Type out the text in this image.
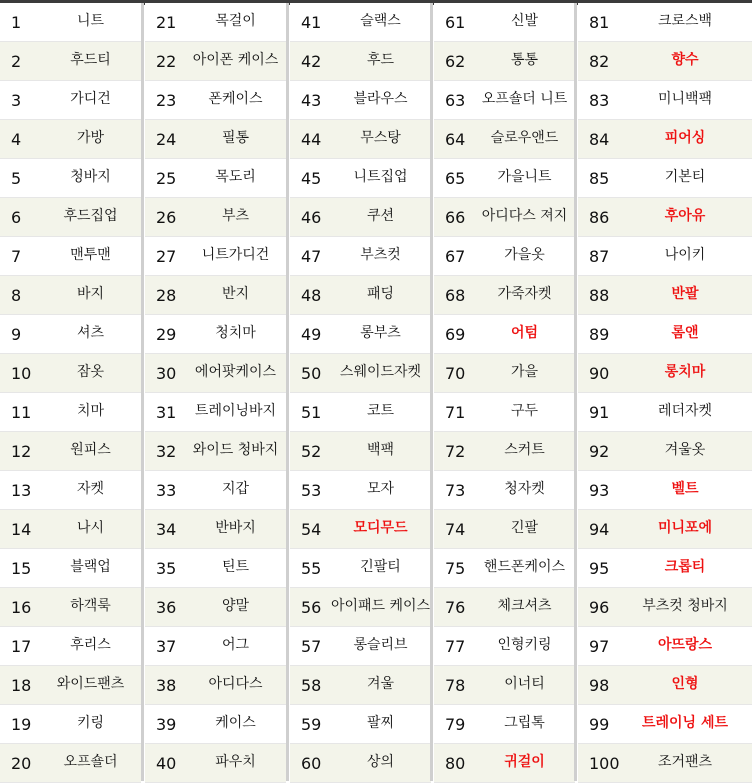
1	니트
2	후드티
3	가디건
4	가방
5	청바지
6	후드집업
7	맨투맨
8	바지
9	셔츠
10	잠옷
11	치마
12	원피스
13	자켓
14	나시
15	블랙업
16	하객룩
17	후리스
18	와이드팬츠
19	키링
20	오프숄더
21	목걸이
22	아이폰 케이스
23	폰케이스
24	필통
25	목도리
26	부츠
27	니트가디건
28	반지
29	청치마
30	에어팟케이스
31	트레이닝바지
32	와이드 청바지
33	지갑
34	반바지
35	틴트
36	양말
37	어그
38	아디다스
39	케이스
40	파우치
41	슬랙스
42	후드
43	블라우스
44	무스탕
45	니트집업
46	쿠션
47	부츠컷
48	패딩
49	롱부츠
50	스웨이드자켓
51	코트
52	백팩
53	모자
54	모디무드
55	긴팔티
56 아이패드 케이스
57	롱슬리브
58	겨울
59	팔찌
60	상의
61	신발
62	통통
63	오프숄더 니트
64	슬로우앤드
65	가을니트
66	아디다스 져지
67	가을옷
68	가죽자켓
69	어텀
70	가을
71	구두
72	스커트
73	청자켓
74	긴팔
75	핸드폰케이스
76	체크셔츠
77	인형키링
78	이너티
79	그립톡
80	귀걸이
81	크로스백
82	향수
83	미니백팩
84	피어싱
85	기본티
86	후아유
87	나이키
88	반팔
89	롬앤
90	롱치마
91	레더자켓
92	겨울옷
93	벨트
94	미니포에
95	크롭티
96	부츠컷 청바지
97	아뜨랑스
98	인형
99	트레이닝 세트
100	조거팬츠
